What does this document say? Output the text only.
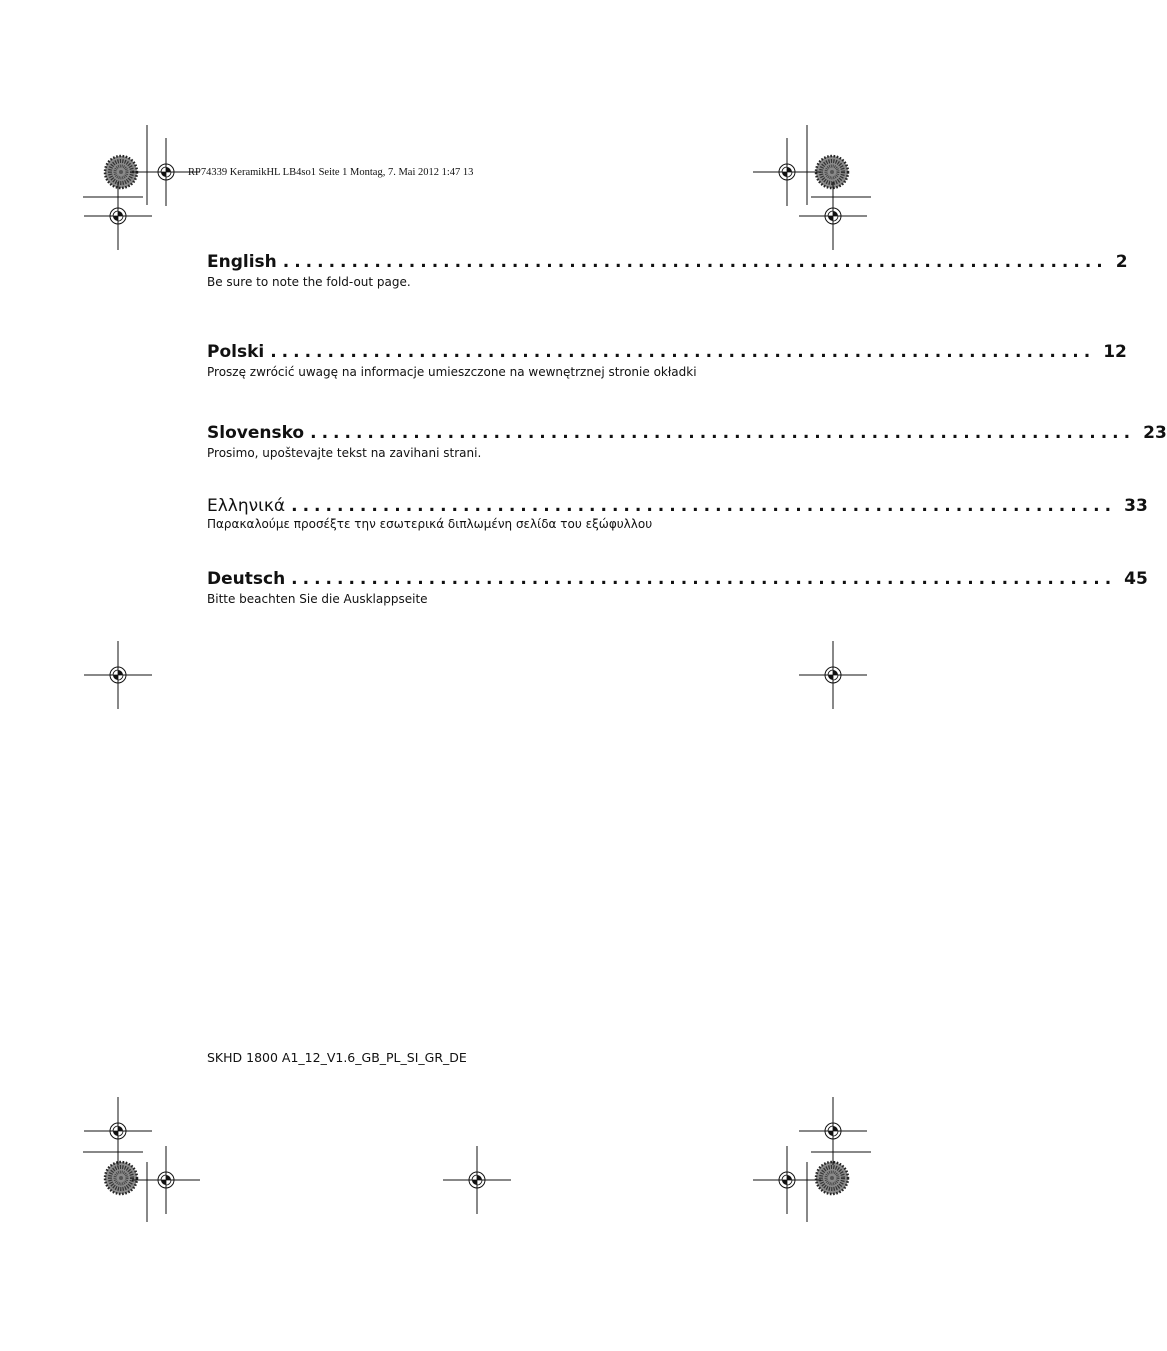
RP74339 KeramikHL LB4so1 Seite 1 Montag, 7. Mai 2012 1:47 13
English ........................................................................ 2
Be sure to note the fold-out page.
Polski ........................................................................ 12
Proszę zwrócić uwagę na informacje umieszczone na wewnętrznej stronie okładki
Slovensko ........................................................................ 23
Prosimo, upoštevajte tekst na zavihani strani.
Ελληνικά ........................................................................ 33
Παρακαλούμε προσέξτε την εσωτερικά διπλωμένη σελίδα του εξώφυλλου
Deutsch ........................................................................ 45
Bitte beachten Sie die Ausklappseite
SKHD 1800 A1_12_V1.6_GB_PL_SI_GR_DE
